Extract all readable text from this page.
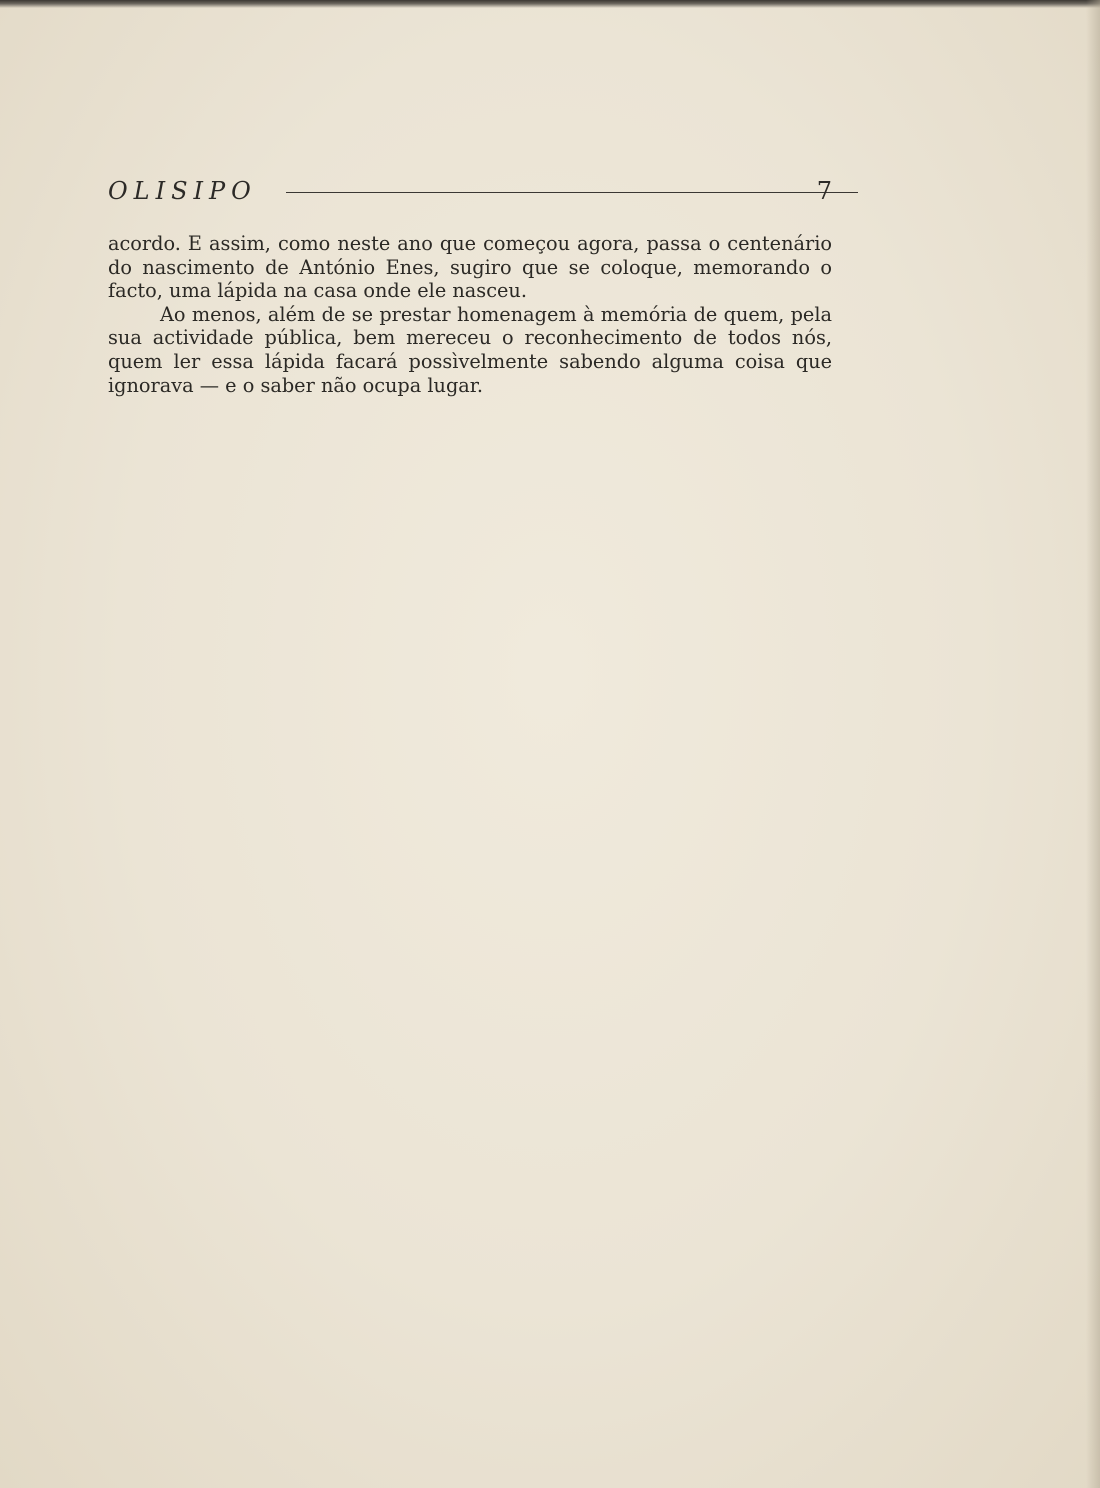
OLISIPO	7

acordo. E assim, como neste ano que começou agora, passa o centenário do nascimento de António Enes, sugiro que se coloque, memorando o facto, uma lápida na casa onde ele nasceu.

Ao menos, além de se prestar homenagem à memória de quem, pela sua actividade pública, bem mereceu o reconhecimento de todos nós, quem ler essa lápida facará possìvelmente sabendo alguma coisa que ignorava — e o saber não ocupa lugar.
